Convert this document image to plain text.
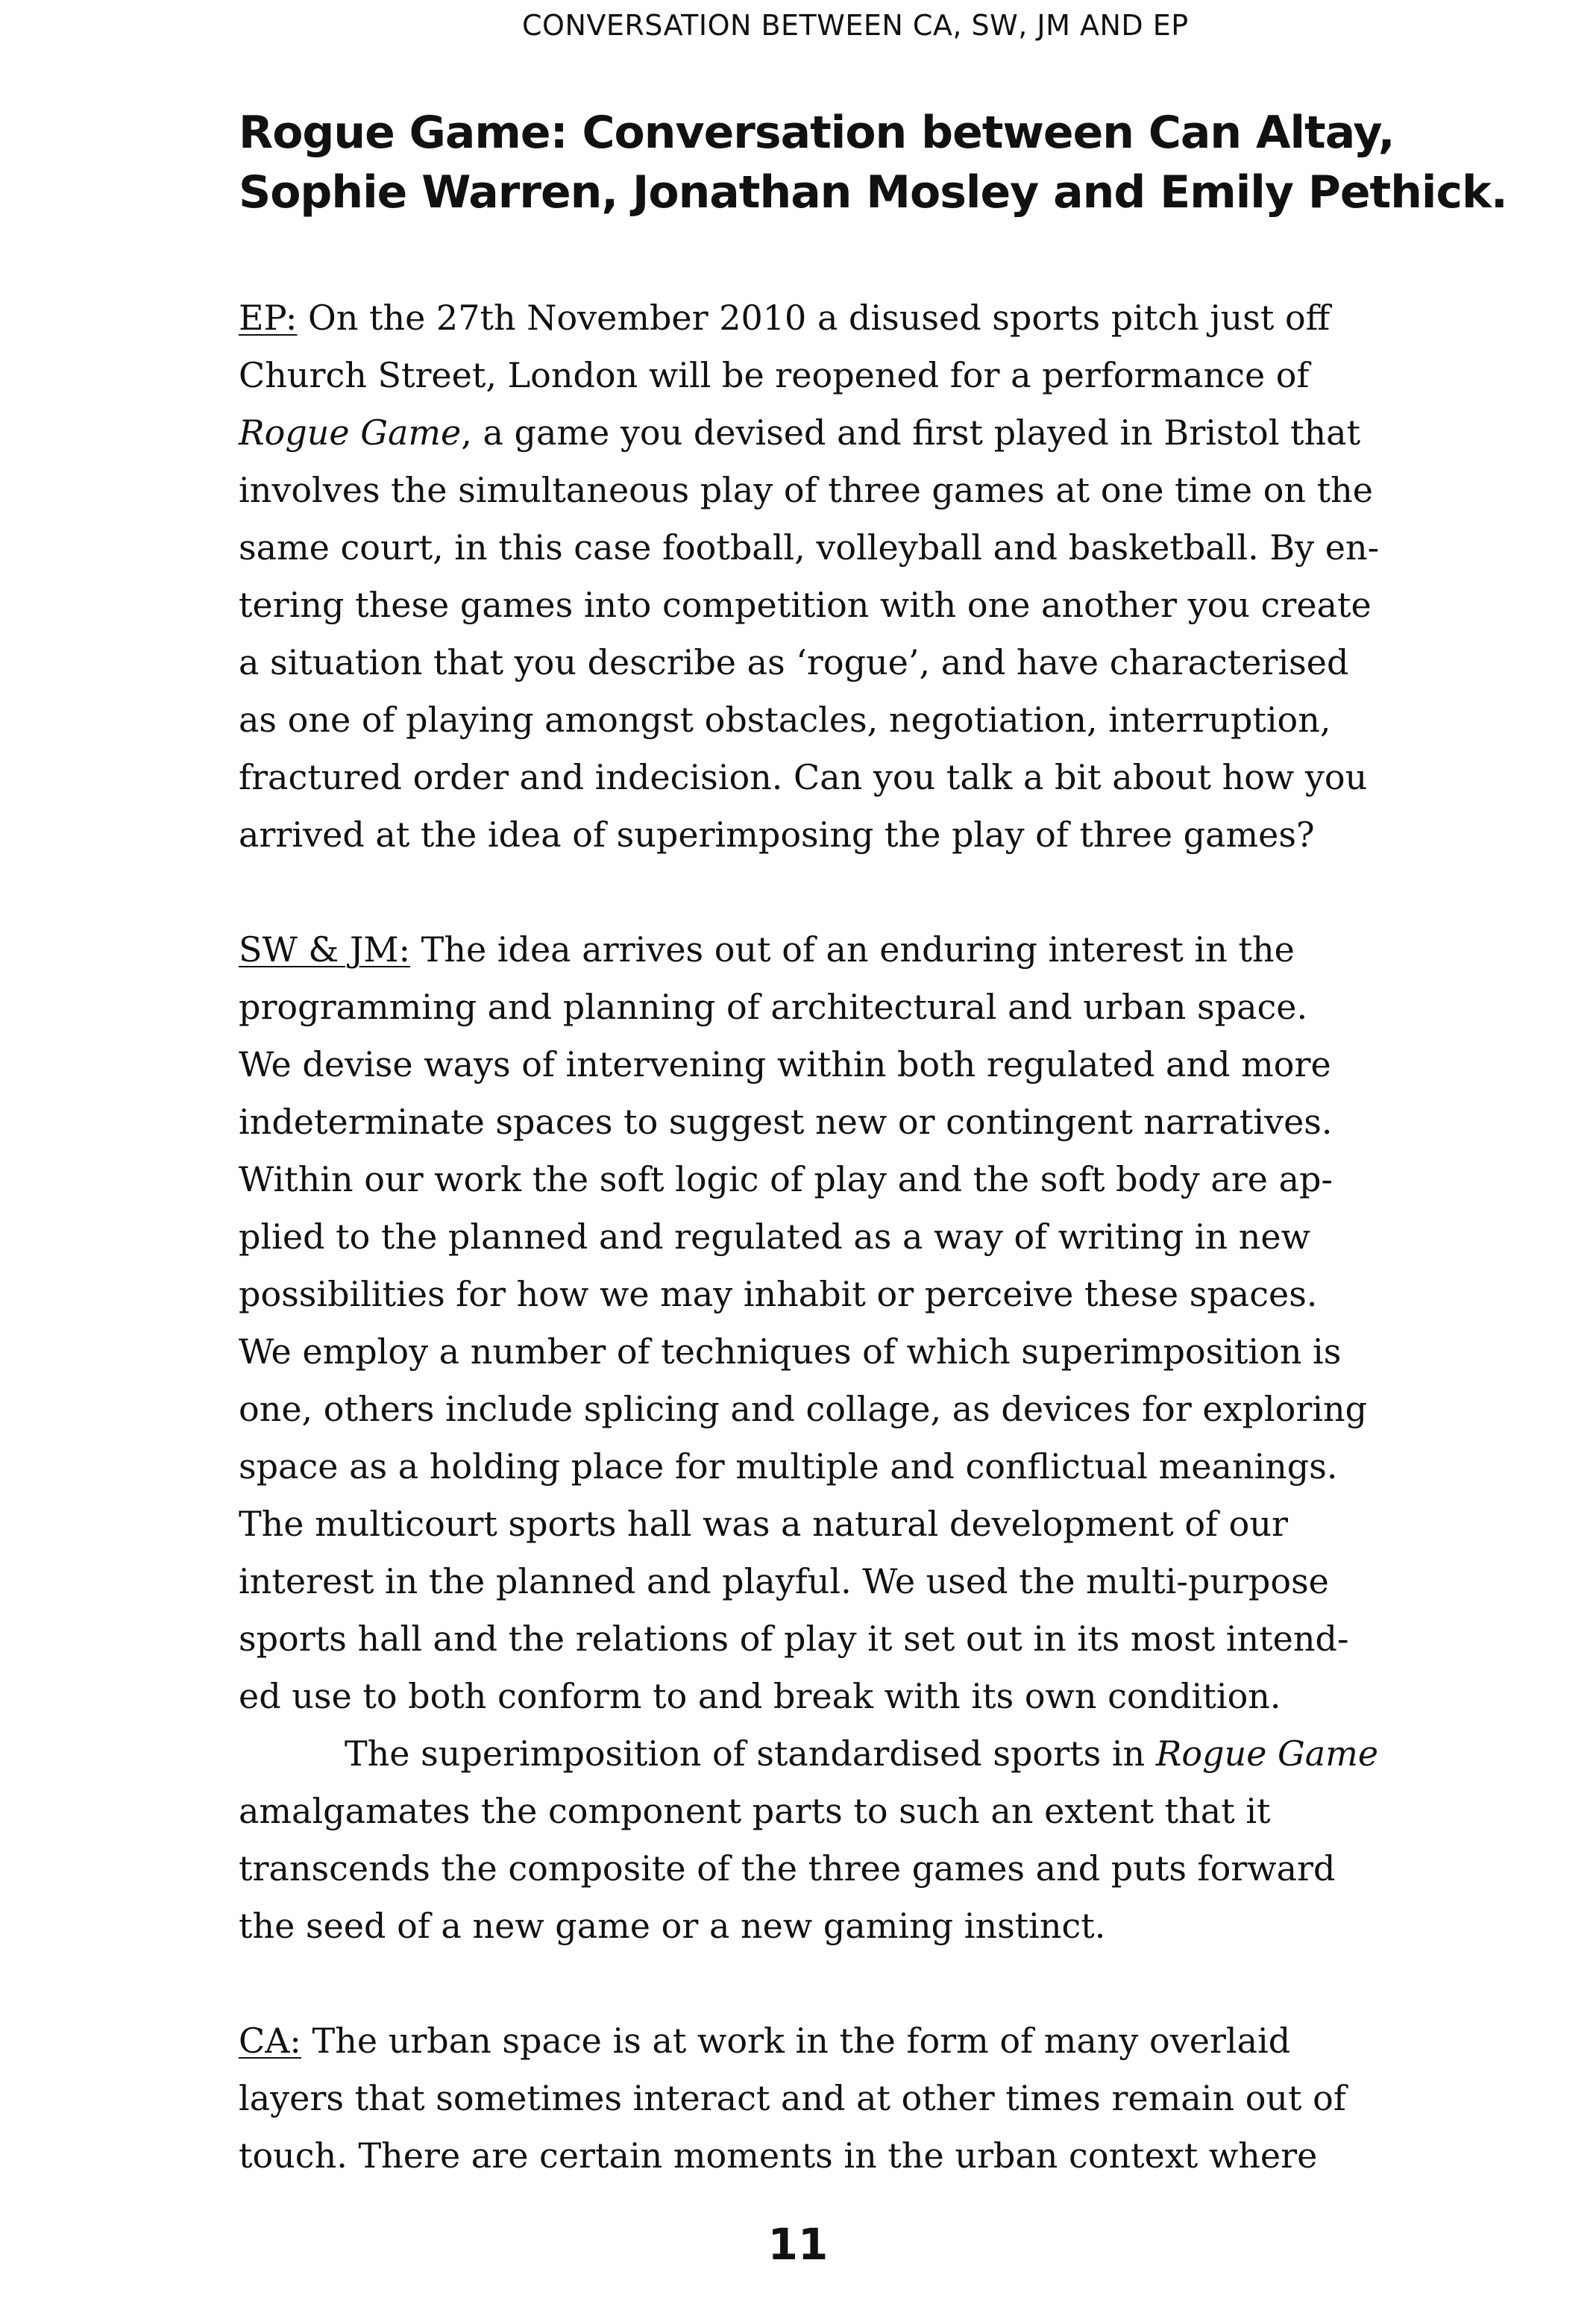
CONVERSATION BETWEEN CA, SW, JM AND EP
Rogue Game: Conversation between Can Altay,
Sophie Warren, Jonathan Mosley and Emily Pethick.
EP: On the 27th November 2010 a disused sports pitch just off
Church Street, London will be reopened for a performance of
Rogue Game, a game you devised and first played in Bristol that
involves the simultaneous play of three games at one time on the
same court, in this case football, volleyball and basketball. By en-
tering these games into competition with one another you create
a situation that you describe as ‘rogue’, and have characterised
as one of playing amongst obstacles, negotiation, interruption,
fractured order and indecision. Can you talk a bit about how you
arrived at the idea of superimposing the play of three games?
SW & JM: The idea arrives out of an enduring interest in the
programming and planning of architectural and urban space.
We devise ways of intervening within both regulated and more
indeterminate spaces to suggest new or contingent narratives.
Within our work the soft logic of play and the soft body are ap-
plied to the planned and regulated as a way of writing in new
possibilities for how we may inhabit or perceive these spaces.
We employ a number of techniques of which superimposition is
one, others include splicing and collage, as devices for exploring
space as a holding place for multiple and conflictual meanings.
The multicourt sports hall was a natural development of our
interest in the planned and playful. We used the multi-purpose
sports hall and the relations of play it set out in its most intend-
ed use to both conform to and break with its own condition.
The superimposition of standardised sports in Rogue Game
amalgamates the component parts to such an extent that it
transcends the composite of the three games and puts forward
the seed of a new game or a new gaming instinct.
CA: The urban space is at work in the form of many overlaid
layers that sometimes interact and at other times remain out of
touch. There are certain moments in the urban context where
11
